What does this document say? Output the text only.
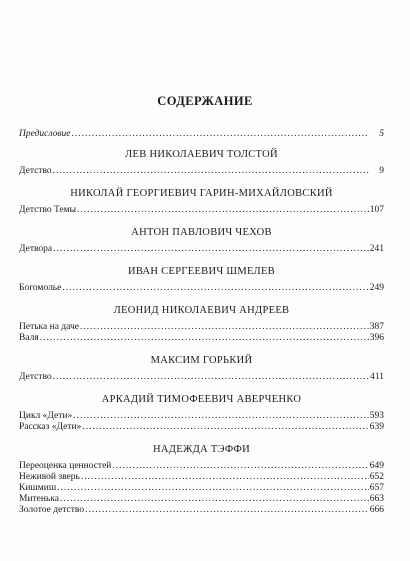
СОДЕРЖАНИЕ
Предисловие .....	5
ЛЕВ НИКОЛАЕВИЧ ТОЛСТОЙ
Детство .....	9
НИКОЛАЙ ГЕОРГИЕВИЧ ГАРИН-МИХАЙЛОВСКИЙ
Детство Темы .....	107
АНТОН ПАВЛОВИЧ ЧЕХОВ
Детвора .....	241
ИВАН СЕРГЕЕВИЧ ШМЕЛЕВ
Богомолье .....	249
ЛЕОНИД НИКОЛАЕВИЧ АНДРЕЕВ
Петька на даче .....	387
Валя .....	396
МАКСИМ ГОРЬКИЙ
Детство .....	411
АРКАДИЙ ТИМОФЕЕВИЧ АВЕРЧЕНКО
Цикл «Дети» .....	593
Рассказ «Дети» .....	639
НАДЕЖДА ТЭФФИ
Переоценка ценностей .....	649
Неживой зверь .....	652
Кишмиш .....	657
Митенька .....	663
Золотое детство .....	666
